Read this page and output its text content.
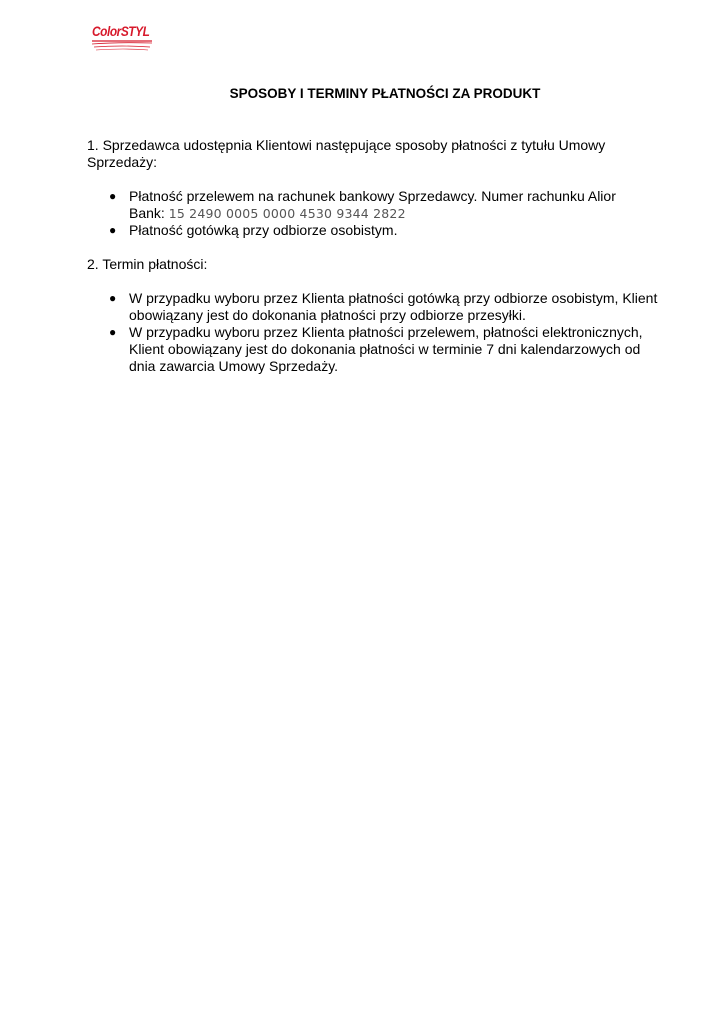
ColorSTYL
SPOSOBY I TERMINY PŁATNOŚCI ZA PRODUKT
1. Sprzedawca udostępnia Klientowi następujące sposoby płatności z tytułu Umowy
Sprzedaży:
● Płatność przelewem na rachunek bankowy Sprzedawcy. Numer rachunku Alior
Bank: 15 2490 0005 0000 4530 9344 2822
● Płatność gotówką przy odbiorze osobistym.
2. Termin płatności:
● W przypadku wyboru przez Klienta płatności gotówką przy odbiorze osobistym, Klient
obowiązany jest do dokonania płatności przy odbiorze przesyłki.
● W przypadku wyboru przez Klienta płatności przelewem, płatności elektronicznych,
Klient obowiązany jest do dokonania płatności w terminie 7 dni kalendarzowych od
dnia zawarcia Umowy Sprzedaży.
